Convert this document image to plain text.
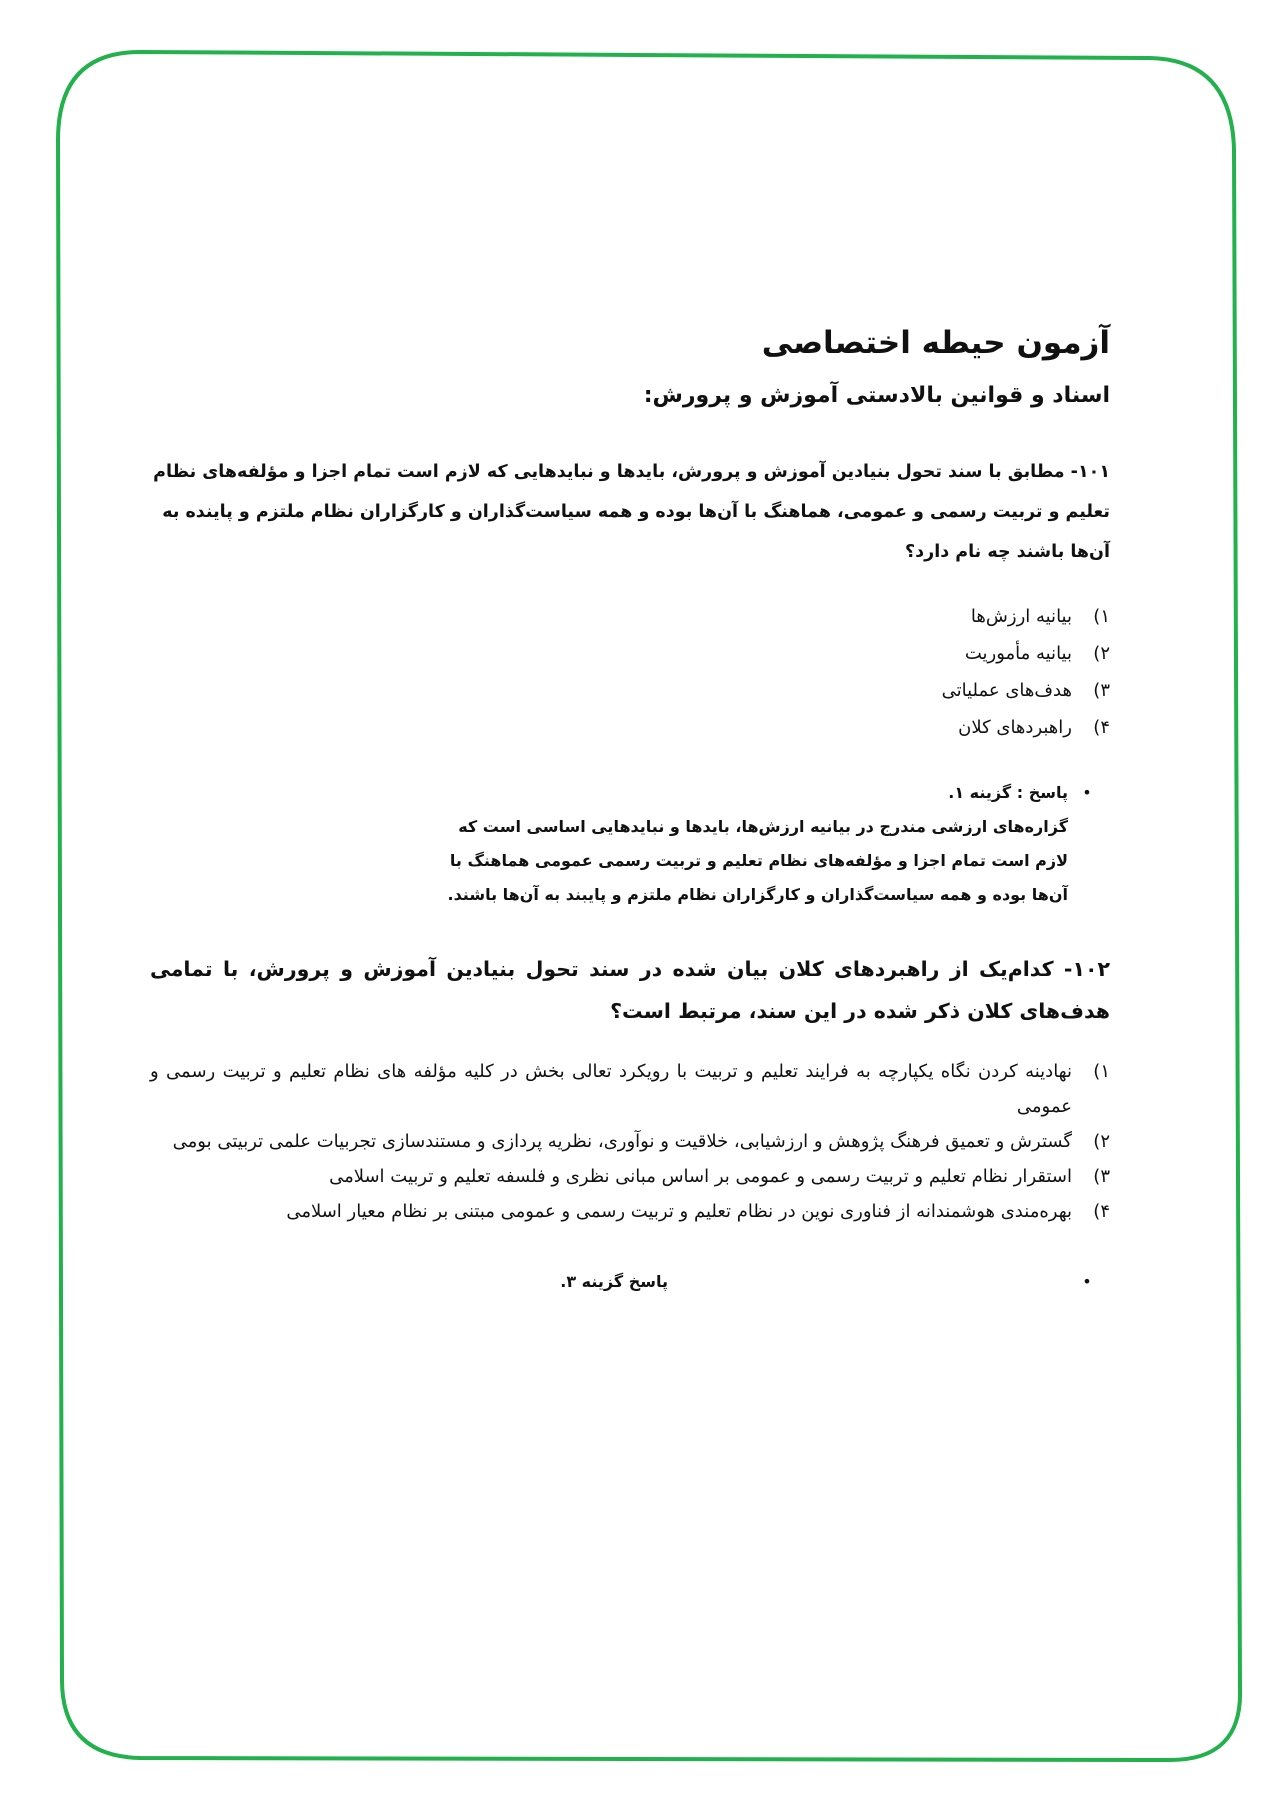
آزمون حیطه اختصاصی
اسناد و قوانین بالادستی آموزش و پرورش:
۱۰۱- مطابق با سند تحول بنیادین آموزش و پرورش، بایدها و نبایدهایی که لازم است تمام اجزا و مؤلفه‌های نظام تعلیم و تربیت رسمی و عمومی، هماهنگ با آن‌ها بوده و همه سیاست‌گذاران و کارگزاران نظام ملتزم و پاینده به آن‌ها باشند چه نام دارد؟
۱)
بیانیه ارزش‌ها
۲)
بیانیه مأموریت
۳)
هدف‌های عملیاتی
۴)
راهبردهای کلان
•
پاسخ : گزینه ۱.
گزاره‌های ارزشی مندرج در بیانیه ارزش‌ها، بایدها و نبایدهایی اساسی است که لازم است تمام اجزا و مؤلفه‌های نظام تعلیم و تربیت رسمی عمومی هماهنگ با آن‌ها بوده و همه سیاست‌گذاران و کارگزاران نظام ملتزم و پایبند به آن‌ها باشند.
۱۰۲- کدام‌یک از راهبردهای کلان بیان شده در سند تحول بنیادین آموزش و پرورش، با تمامی هدف‌های کلان ذکر شده در این سند، مرتبط است؟
۱)
نهادینه کردن نگاه یکپارچه به فرایند تعلیم و تربیت با رویکرد تعالی بخش در کلیه مؤلفه های نظام تعلیم و تربیت رسمی و عمومی
۲)
گسترش و تعمیق فرهنگ پژوهش و ارزشیابی، خلاقیت و نوآوری، نظریه پردازی و مستندسازی تجربیات علمی تربیتی بومی
۳)
استقرار نظام تعلیم و تربیت رسمی و عمومی بر اساس مبانی نظری و فلسفه تعلیم و تربیت اسلامی
۴)
بهره‌مندی هوشمندانه از فناوری نوین در نظام تعلیم و تربیت رسمی و عمومی مبتنی بر نظام معیار اسلامی
•
پاسخ گزینه ۳.
